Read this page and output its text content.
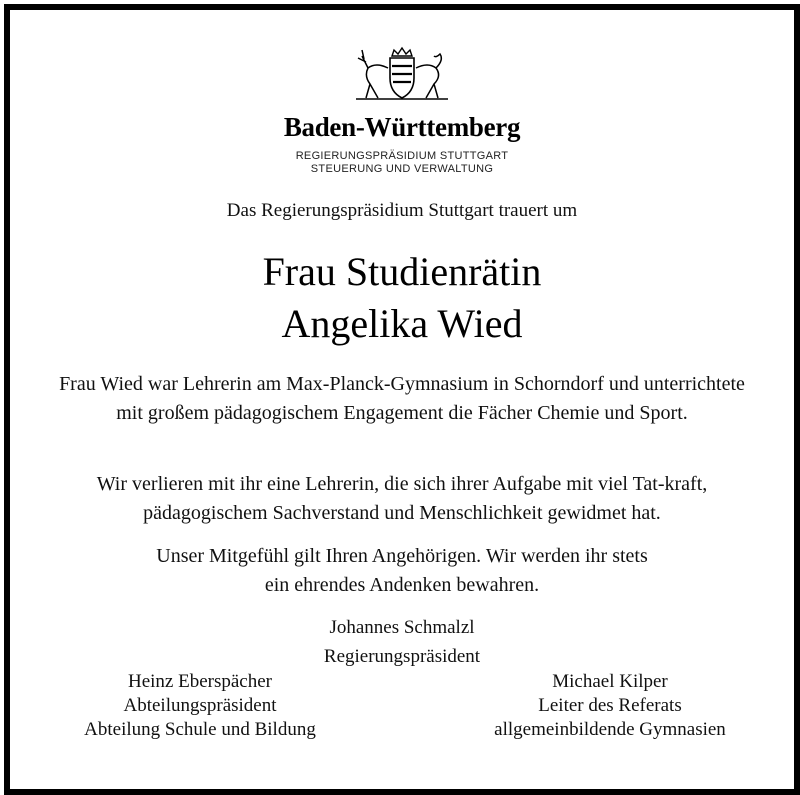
Baden-Württemberg
REGIERUNGSPRÄSIDIUM STUTTGART
STEUERUNG UND VERWALTUNG
Das Regierungspräsidium Stuttgart trauert um
Frau Studienrätin
Angelika Wied
Frau Wied war Lehrerin am Max-Planck-Gymnasium in Schorndorf und unterrichtete mit großem pädagogischem Engagement die Fächer Chemie und Sport.
Wir verlieren mit ihr eine Lehrerin, die sich ihrer Aufgabe mit viel Tat-kraft, pädagogischem Sachverstand und Menschlichkeit gewidmet hat.
Unser Mitgefühl gilt Ihren Angehörigen. Wir werden ihr stets
ein ehrendes Andenken bewahren.
Johannes Schmalzl
Regierungspräsident
Heinz Eberspächer
Abteilungspräsident
Abteilung Schule und Bildung
Michael Kilper
Leiter des Referats
allgemeinbildende Gymnasien
